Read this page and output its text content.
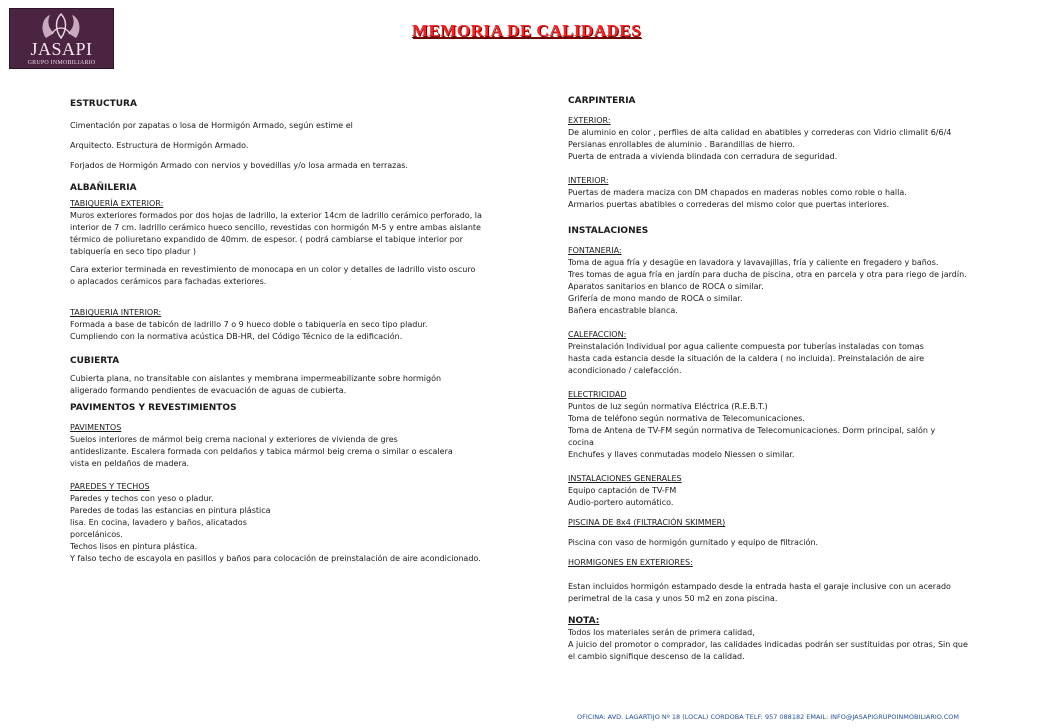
JASAPI
GRUPO INMOBILIARIO
MEMORIA DE CALIDADES
ESTRUCTURA
Cimentación por zapatas o losa de Hormigón Armado, según estime el
Arquitecto. Estructura de Hormigón Armado.
Forjados de Hormigón Armado con nervios y bovedillas y/o losa armada en terrazas.
ALBAÑILERIA
TABIQUERÍA EXTERIOR:
Muros exteriores formados por dos hojas de ladrillo, la exterior 14cm de ladrillo cerámico perforado, la
interior de 7 cm. ladrillo cerámico hueco sencillo, revestidas con hormigón M-5 y entre ambas aislante
térmico de poliuretano expandido de 40mm. de espesor. ( podrá cambiarse el tabique interior por
tabiquería en seco tipo pladur )
Cara exterior terminada en revestimiento de monocapa en un color y detalles de ladrillo visto oscuro
o aplacados cerámicos para fachadas exteriores.
TABIQUERIA INTERIOR:
Formada a base de tabicón de ladrillo 7 o 9 hueco doble o tabiquería en seco tipo pladur.
Cumpliendo con la normativa acústica DB-HR, del Código Técnico de la edificación.
CUBIERTA
Cubierta plana, no transitable con aislantes y membrana impermeabilizante sobre hormigón
aligerado formando pendientes de evacuación de aguas de cubierta.
PAVIMENTOS Y REVESTIMIENTOS
PAVIMENTOS
Suelos interiores de mármol beig crema nacional y exteriores de vivienda de gres
antideslizante. Escalera formada con peldaños y tabica mármol beig crema o similar o escalera
vista en peldaños de madera.
PAREDES Y TECHOS
Paredes y techos con yeso o pladur.
Paredes de todas las estancias en pintura plástica
lisa. En cocina, lavadero y baños, alicatados
porcelánicos.
Techos lisos en pintura plástica.
Y falso techo de escayola en pasillos y baños para colocación de preinstalación de aire acondicionado.
CARPINTERIA
EXTERIOR:
De aluminio en color , perfiles de alta calidad en abatibles y correderas con Vidrio climalit 6/6/4
Persianas enrollables de aluminio . Barandillas de hierro.
Puerta de entrada a vivienda blindada con cerradura de seguridad.
INTERIOR:
Puertas de madera maciza con DM chapados en maderas nobles como roble o halla.
Armarios puertas abatibles o correderas del mismo color que puertas interiores.
INSTALACIONES
FONTANERIA:
Toma de agua fría y desagüe en lavadora y lavavajillas, fría y caliente en fregadero y baños.
Tres tomas de agua fría en jardín para ducha de piscina, otra en parcela y otra para riego de jardín.
Aparatos sanitarios en blanco de ROCA o similar.
Grifería de mono mando de ROCA o similar.
Bañera encastrable blanca.
CALEFACCION:
Preinstalación Individual por agua caliente compuesta por tuberías instaladas con tomas
hasta cada estancia desde la situación de la caldera ( no incluida). Preinstalación de aire
acondicionado / calefacción.
ELECTRICIDAD
Puntos de luz según normativa Eléctrica (R.E.B.T.)
Toma de teléfono según normativa de Telecomunicaciones.
Toma de Antena de TV-FM según normativa de Telecomunicaciones. Dorm principal, salón y
cocina
Enchufes y llaves conmutadas modelo Niessen o similar.
INSTALACIONES GENERALES
Equipo captación de TV-FM
Audio-portero automático.
PISCINA DE 8x4 (FILTRACIÓN SKIMMER)
Piscina con vaso de hormigón gurnitado y equipo de filtración.
HORMIGONES EN EXTERIORES:
Estan incluidos hormigón estampado desde la entrada hasta el garaje inclusive con un acerado
perimetral de la casa y unos 50 m2 en zona piscina.
NOTA:
Todos los materiales serán de primera calidad,
A juicio del promotor o comprador, las calidades indicadas podrán ser sustituidas por otras, Sin que
el cambio signifique descenso de la calidad.
OFICINA: AVD. LAGARTIJO Nº 18 (LOCAL) CORDOBA TELF: 957 088182 EMAIL: INFO@JASAPIGRUPOINMOBILIARIO.COM
